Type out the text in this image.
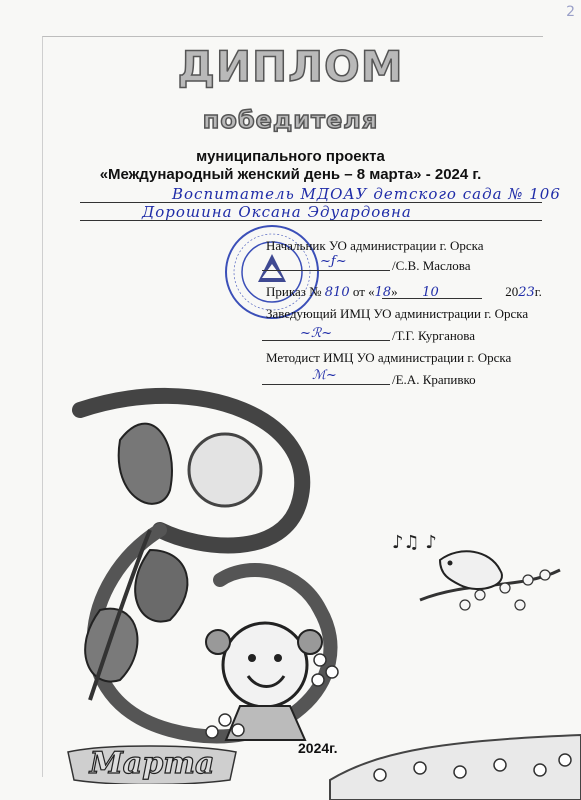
2
ДИПЛОМ
победителя
муниципального проекта
«Международный женский день – 8 марта» - 2024 г.
Воспитатель МДОАУ детского сада № 106
Дорошина Оксана Эдуардовна
Начальник УО администрации г. Орска
~ƒ~	/С.В. Маслова
Приказ № 810 от «18» 10	2023г.
Заведующий ИМЦ УО администрации г. Орска
~ℛ~	/Т.Г. Курганова
Методист ИМЦ УО администрации г. Орска
ℳ~	/Е.А. Крапивко
♪♫ ♪
2024г.
Марта
